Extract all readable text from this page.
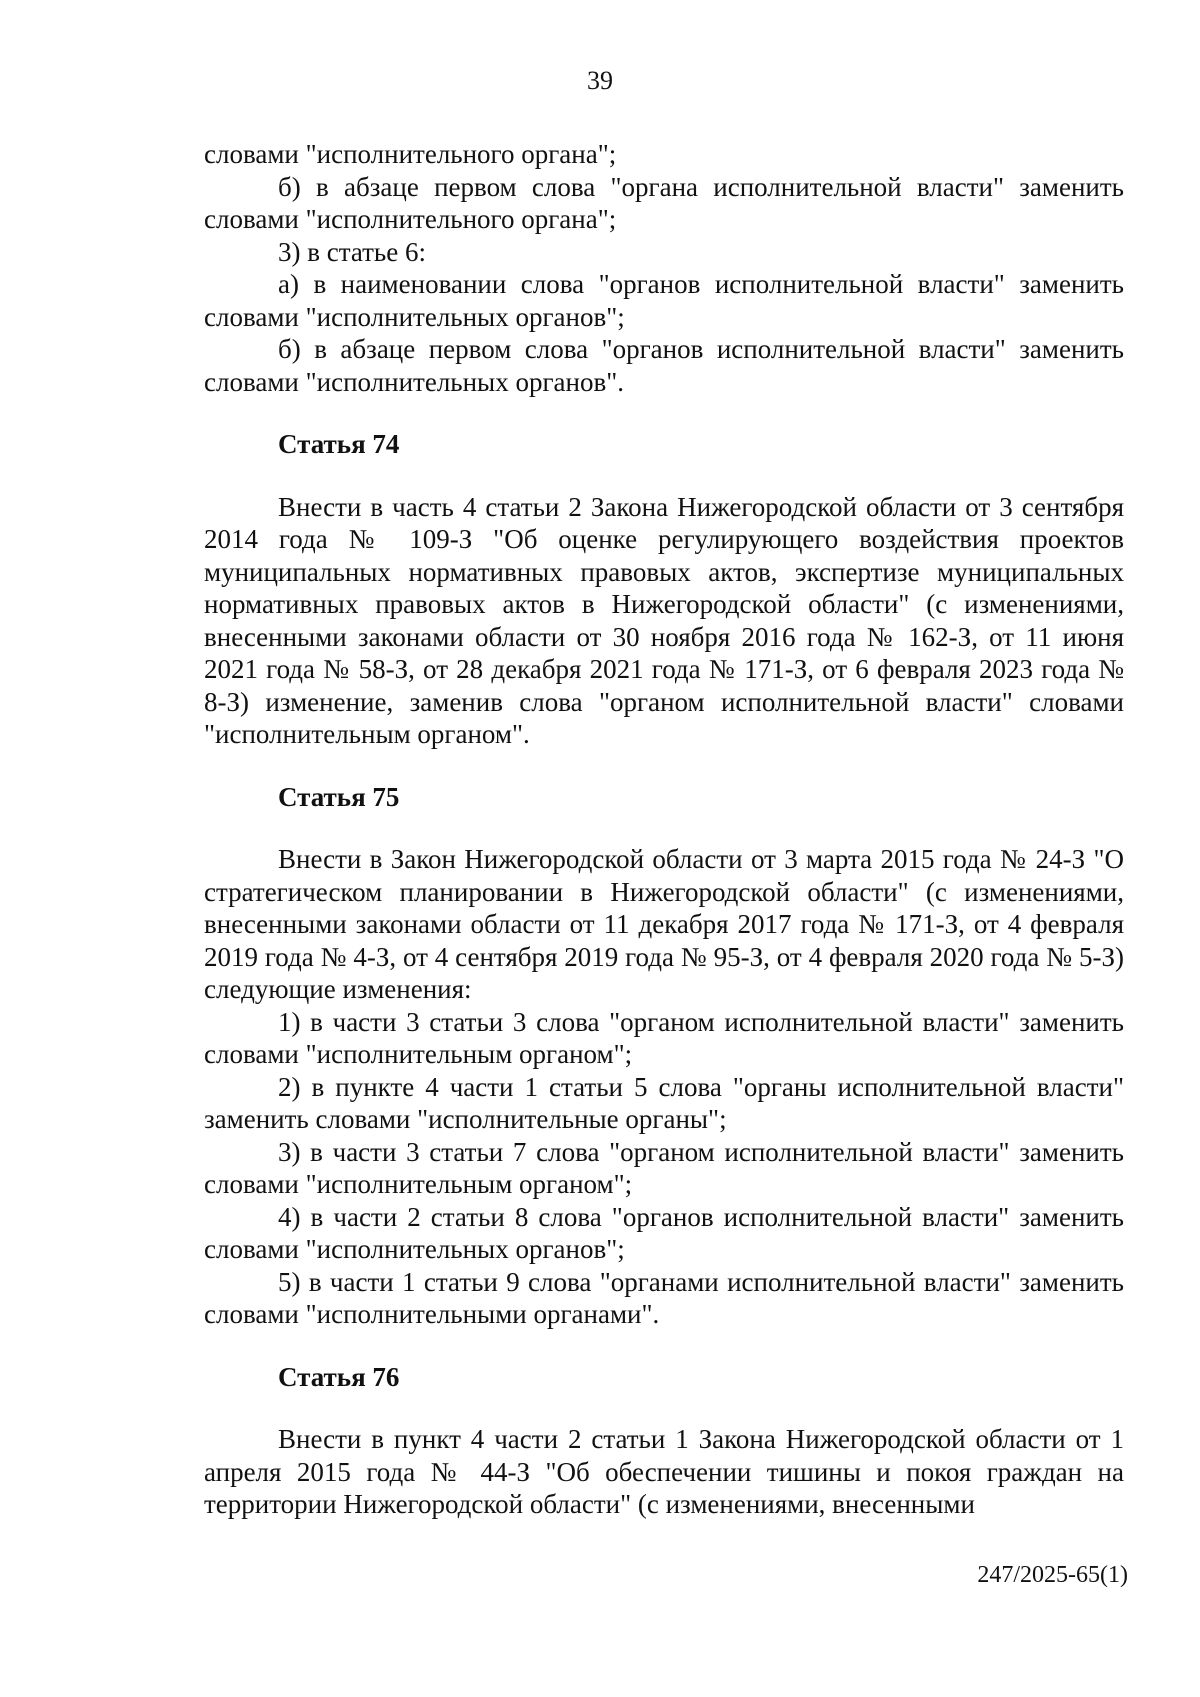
39

словами "исполнительного органа";

б) в абзаце первом слова "органа исполнительной власти" заменить словами "исполнительного органа";

3) в статье 6:

а) в наименовании слова "органов исполнительной власти" заменить словами "исполнительных органов";

б) в абзаце первом слова "органов исполнительной власти" заменить словами "исполнительных органов".

Статья 74

Внести в часть 4 статьи 2 Закона Нижегородской области от 3 сентября 2014 года № 109-З "Об оценке регулирующего воздействия проектов муниципальных нормативных правовых актов, экспертизе муниципальных нормативных правовых актов в Нижегородской области" (с изменениями, внесенными законами области от 30 ноября 2016 года № 162-З, от 11 июня 2021 года № 58-З, от 28 декабря 2021 года № 171-З, от 6 февраля 2023 года № 8-З) изменение, заменив слова "органом исполнительной власти" словами "исполнительным органом".

Статья 75

Внести в Закон Нижегородской области от 3 марта 2015 года № 24-З "О стратегическом планировании в Нижегородской области" (с изменениями, внесенными законами области от 11 декабря 2017 года № 171-З, от 4 февраля 2019 года № 4-З, от 4 сентября 2019 года № 95-З, от 4 февраля 2020 года № 5-З) следующие изменения:

1) в части 3 статьи 3 слова "органом исполнительной власти" заменить словами "исполнительным органом";

2) в пункте 4 части 1 статьи 5 слова "органы исполнительной власти" заменить словами "исполнительные органы";

3) в части 3 статьи 7 слова "органом исполнительной власти" заменить словами "исполнительным органом";

4) в части 2 статьи 8 слова "органов исполнительной власти" заменить словами "исполнительных органов";

5) в части 1 статьи 9 слова "органами исполнительной власти" заменить словами "исполнительными органами".

Статья 76

Внести в пункт 4 части 2 статьи 1 Закона Нижегородской области от 1 апреля 2015 года № 44-З "Об обеспечении тишины и покоя граждан на территории Нижегородской области" (с изменениями, внесенными

247/2025-65(1)
